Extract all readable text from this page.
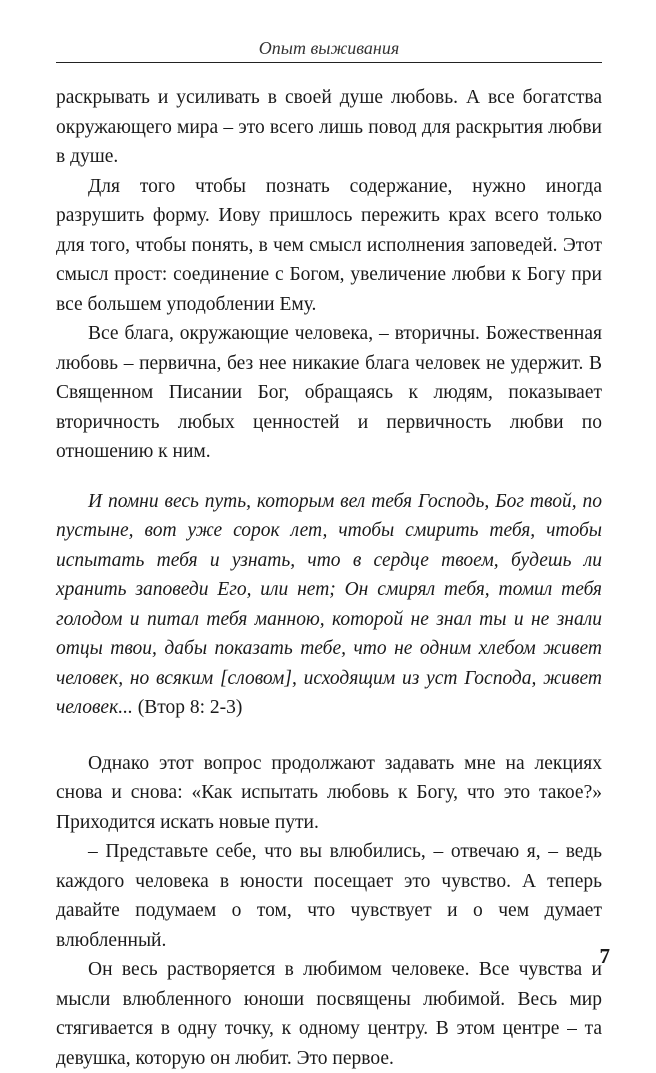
Опыт выживания

раскрывать и усиливать в своей душе любовь. А все богатства окружающего мира – это всего лишь повод для раскрытия любви в душе.

Для того чтобы познать содержание, нужно иногда разрушить форму. Иову пришлось пережить крах всего только для того, чтобы понять, в чем смысл исполнения заповедей. Этот смысл прост: соединение с Богом, увеличение любви к Богу при все большем уподоблении Ему.

Все блага, окружающие человека, – вторичны. Божественная любовь – первична, без нее никакие блага человек не удержит. В Священном Писании Бог, обращаясь к людям, показывает вторичность любых ценностей и первичность любви по отношению к ним.

И помни весь путь, которым вел тебя Господь, Бог твой, по пустыне, вот уже сорок лет, чтобы смирить тебя, чтобы испытать тебя и узнать, что в сердце твоем, будешь ли хранить заповеди Его, или нет; Он смирял тебя, томил тебя голодом и питал тебя манною, которой не знал ты и не знали отцы твои, дабы показать тебе, что не одним хлебом живет человек, но всяким [словом], исходящим из уст Господа, живет человек... (Втор 8: 2-3)

Однако этот вопрос продолжают задавать мне на лекциях снова и снова: «Как испытать любовь к Богу, что это такое?» Приходится искать новые пути.

– Представьте себе, что вы влюбились, – отвечаю я, – ведь каждого человека в юности посещает это чувство. А теперь давайте подумаем о том, что чувствует и о чем думает влюбленный.

Он весь растворяется в любимом человеке. Все чувства и мысли влюбленного юноши посвящены любимой. Весь мир стягивается в одну точку, к одному центру. В этом центре – та девушка, которую он любит. Это первое.

7
